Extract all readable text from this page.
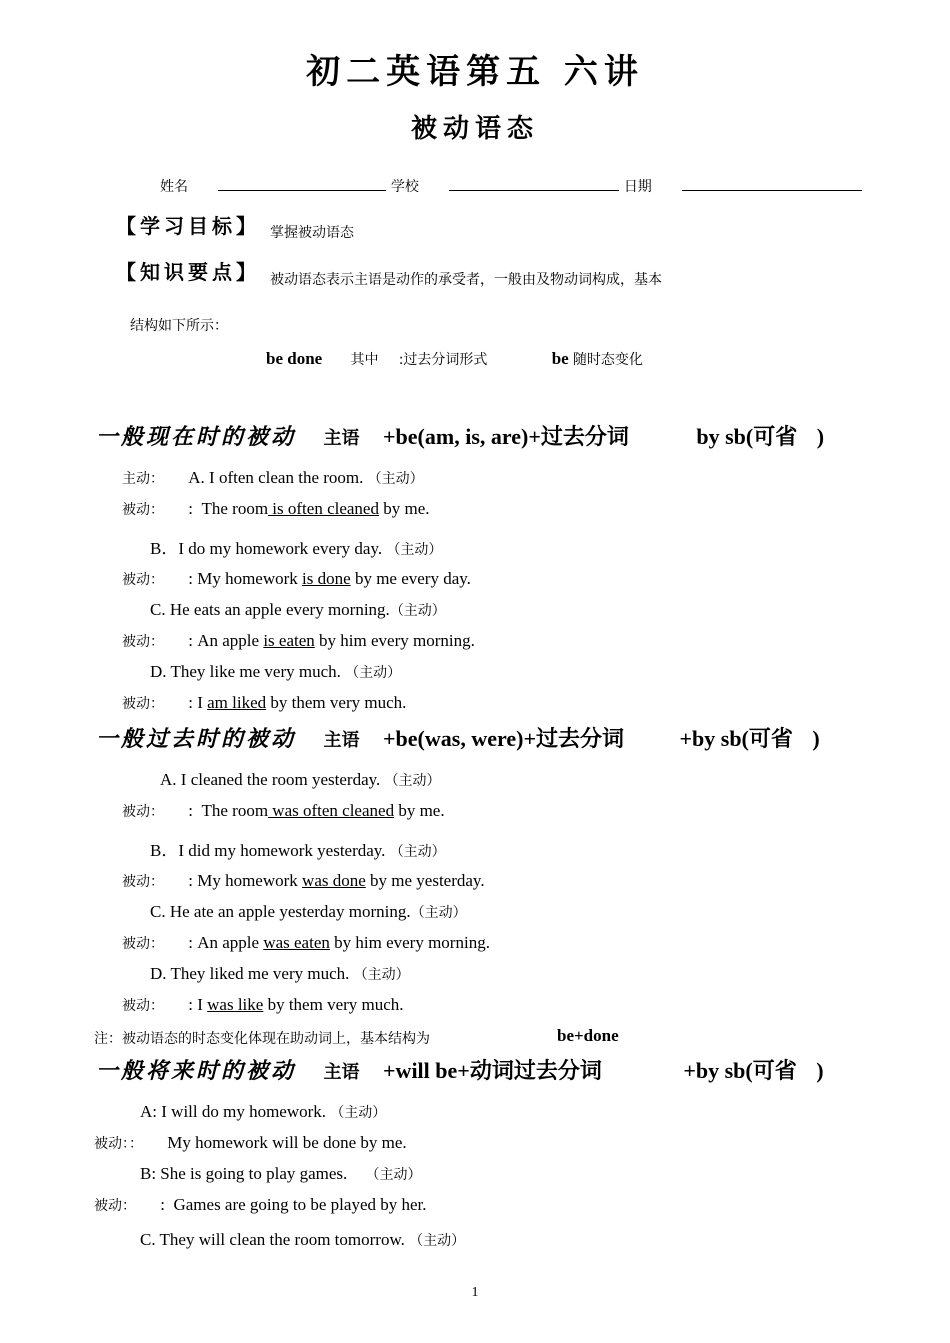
初二英语第五 六讲
被动语态
姓名	学校	日期
【学习目标】 掌握被动语态
【知识要点】 被动语态表示主语是动作的承受者，一般由及物动词构成，基本
结构如下所示：
be done 其中 :过去分词形式	be 随时态变化
一般现在时的被动 主语 +be(am, is, are)+过去分词	by sb(可省 )
主动： A. I often clean the room. （主动）
被动： :  The room is often cleaned by me.
B．I do my homework every day. （主动）
被动： : My homework is done by me every day.
C. He eats an apple every morning.（主动）
被动： : An apple is eaten by him every morning.
D. They like me very much. （主动）
被动： : I am liked by them very much.
一般过去时的被动 主语 +be(was, were)+过去分词	+by sb(可省 )
A. I cleaned the room yesterday. （主动）
被动： :  The room was often cleaned by me.
B．I did my homework yesterday. （主动）
被动： : My homework was done by me yesterday.
C. He ate an apple yesterday morning.（主动）
被动： : An apple was eaten by him every morning.
D. They liked me very much. （主动）
被动： : I was like by them very much.
注：被动语态的时态变化体现在助动词上，基本结构为	be+done
一般将来时的被动 主语 +will be+动词过去分词	+by sb(可省 )
A: I will do my homework. （主动）
被动：： My homework will be done by me.
B: She is going to play games. （主动）
被动： :  Games are going to be played by her.
C. They will clean the room tomorrow. （主动）
1
